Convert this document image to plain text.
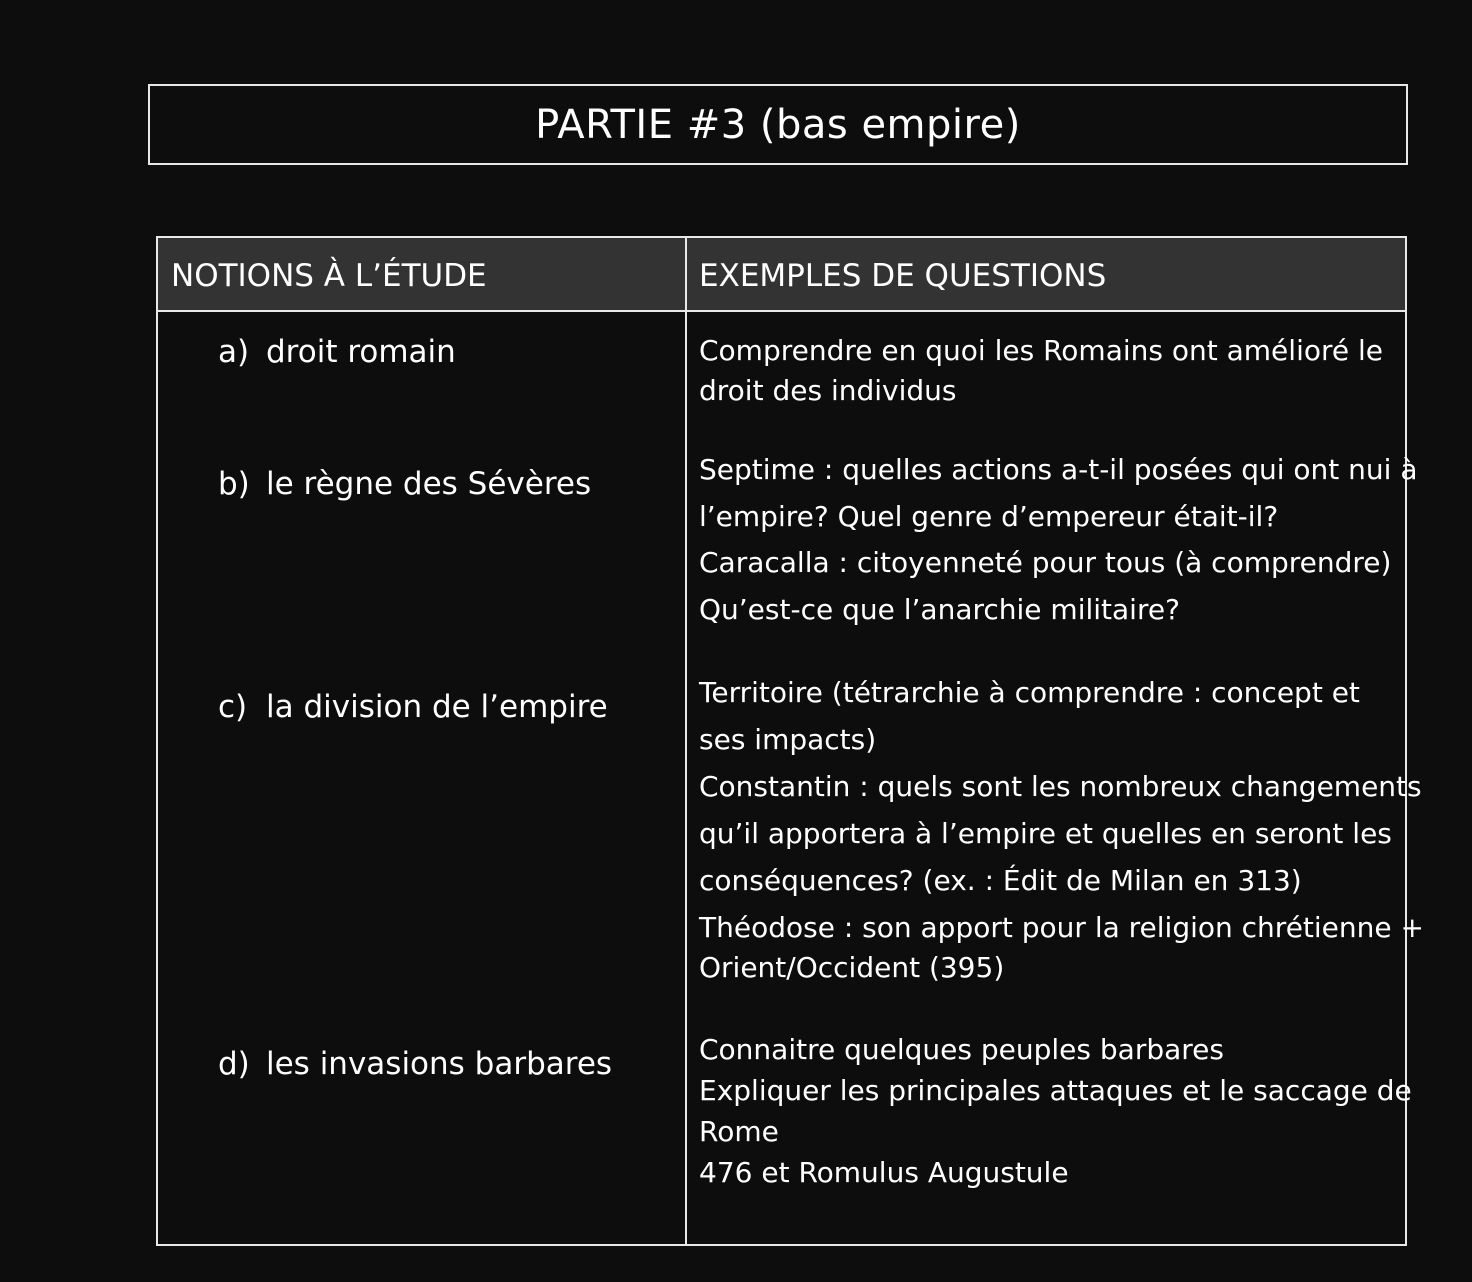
PARTIE #3 (bas empire)
NOTIONS À L’ÉTUDE	EXEMPLES DE QUESTIONS
a) droit romain
b) le règne des Sévères
c) la division de l’empire
d) les invasions barbares
Comprendre en quoi les Romains ont amélioré le
droit des individus
Septime : quelles actions a-t-il posées qui ont nui à
l’empire? Quel genre d’empereur était-il?
Caracalla : citoyenneté pour tous (à comprendre)
Qu’est-ce que l’anarchie militaire?
Territoire (tétrarchie à comprendre : concept et
ses impacts)
Constantin : quels sont les nombreux changements
qu’il apportera à l’empire et quelles en seront les
conséquences? (ex. : Édit de Milan en 313)
Théodose : son apport pour la religion chrétienne +
Orient/Occident (395)
Connaitre quelques peuples barbares
Expliquer les principales attaques et le saccage de
Rome
476 et Romulus Augustule
